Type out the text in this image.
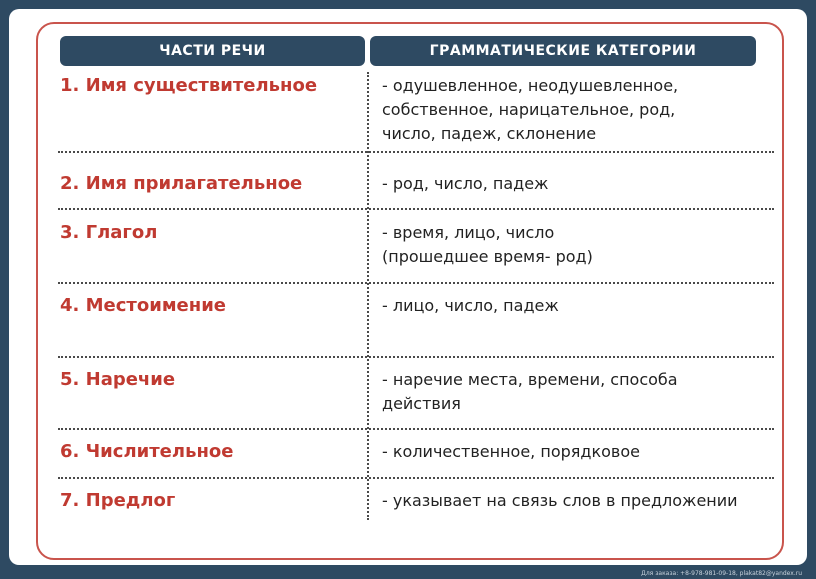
ЧАСТИ РЕЧИ	ГРАММАТИЧЕСКИЕ КАТЕГОРИИ
1. Имя существительное	- одушевленное, неодушевленное,
собственное, нарицательное, род,
число, падеж, склонение
2. Имя прилагательное	- род, число, падеж
3. Глагол	- время, лицо, число
(прошедшее время- род)
4. Местоимение	- лицо, число, падеж
5. Наречие	- наречие места, времени, способа
действия
6. Числительное	- количественное, порядковое
7. Предлог	- указывает на связь слов в предложении
Для заказа: +8-978-981-09-18, plakat82@yandex.ru
